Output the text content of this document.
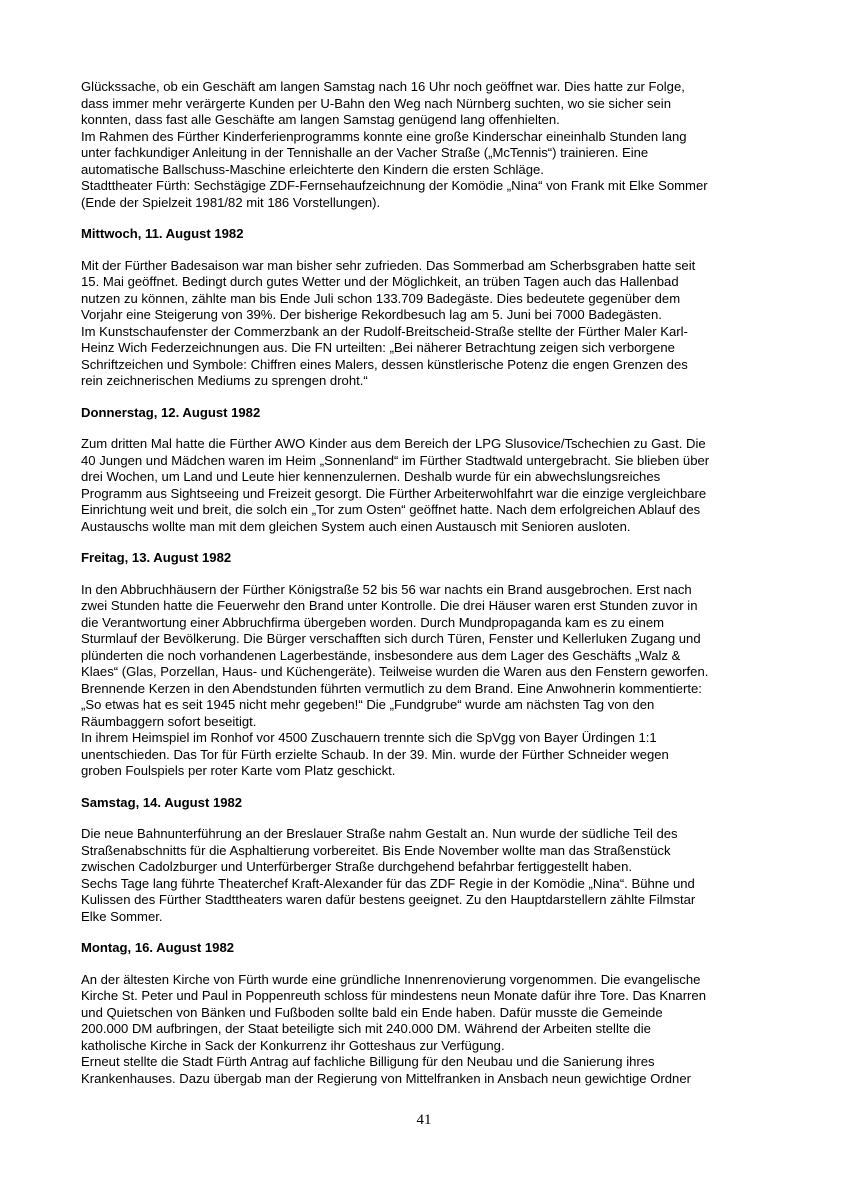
Glückssache, ob ein Geschäft am langen Samstag nach 16 Uhr noch geöffnet war. Dies hatte zur Folge,

dass immer mehr verärgerte Kunden per U-Bahn den Weg nach Nürnberg suchten, wo sie sicher sein

konnten, dass fast alle Geschäfte am langen Samstag genügend lang offenhielten.

Im Rahmen des Fürther Kinderferienprogramms konnte eine große Kinderschar eineinhalb Stunden lang

unter fachkundiger Anleitung in der Tennishalle an der Vacher Straße („McTennis“) trainieren. Eine

automatische Ballschuss-Maschine erleichterte den Kindern die ersten Schläge.

Stadttheater Fürth: Sechstägige ZDF-Fernsehaufzeichnung der Komödie „Nina“ von Frank mit Elke Sommer

(Ende der Spielzeit 1981/82 mit 186 Vorstellungen).

Mittwoch, 11. August 1982

Mit der Fürther Badesaison war man bisher sehr zufrieden. Das Sommerbad am Scherbsgraben hatte seit

15. Mai geöffnet. Bedingt durch gutes Wetter und der Möglichkeit, an trüben Tagen auch das Hallenbad

nutzen zu können, zählte man bis Ende Juli schon 133.709 Badegäste. Dies bedeutete gegenüber dem

Vorjahr eine Steigerung von 39%. Der bisherige Rekordbesuch lag am 5. Juni bei 7000 Badegästen.

Im Kunstschaufenster der Commerzbank an der Rudolf-Breitscheid-Straße stellte der Fürther Maler Karl-

Heinz Wich Federzeichnungen aus. Die FN urteilten: „Bei näherer Betrachtung zeigen sich verborgene

Schriftzeichen und Symbole: Chiffren eines Malers, dessen künstlerische Potenz die engen Grenzen des

rein zeichnerischen Mediums zu sprengen droht.“

Donnerstag, 12. August 1982

Zum dritten Mal hatte die Fürther AWO Kinder aus dem Bereich der LPG Slusovice/Tschechien zu Gast. Die

40 Jungen und Mädchen waren im Heim „Sonnenland“ im Fürther Stadtwald untergebracht. Sie blieben über

drei Wochen, um Land und Leute hier kennenzulernen. Deshalb wurde für ein abwechslungsreiches

Programm aus Sightseeing und Freizeit gesorgt. Die Fürther Arbeiterwohlfahrt war die einzige vergleichbare

Einrichtung weit und breit, die solch ein „Tor zum Osten“ geöffnet hatte. Nach dem erfolgreichen Ablauf des

Austauschs wollte man mit dem gleichen System auch einen Austausch mit Senioren ausloten.

Freitag, 13. August 1982

In den Abbruchhäusern der Fürther Königstraße 52 bis 56 war nachts ein Brand ausgebrochen. Erst nach

zwei Stunden hatte die Feuerwehr den Brand unter Kontrolle. Die drei Häuser waren erst Stunden zuvor in

die Verantwortung einer Abbruchfirma übergeben worden. Durch Mundpropaganda kam es zu einem

Sturmlauf der Bevölkerung. Die Bürger verschafften sich durch Türen, Fenster und Kellerluken Zugang und

plünderten die noch vorhandenen Lagerbestände, insbesondere aus dem Lager des Geschäfts „Walz &

Klaes“ (Glas, Porzellan, Haus- und Küchengeräte). Teilweise wurden die Waren aus den Fenstern geworfen.

Brennende Kerzen in den Abendstunden führten vermutlich zu dem Brand. Eine Anwohnerin kommentierte:

„So etwas hat es seit 1945 nicht mehr gegeben!“ Die „Fundgrube“ wurde am nächsten Tag von den

Räumbaggern sofort beseitigt.

In ihrem Heimspiel im Ronhof vor 4500 Zuschauern trennte sich die SpVgg von Bayer Ürdingen 1:1

unentschieden. Das Tor für Fürth erzielte Schaub. In der 39. Min. wurde der Fürther Schneider wegen

groben Foulspiels per roter Karte vom Platz geschickt.

Samstag, 14. August 1982

Die neue Bahnunterführung an der Breslauer Straße nahm Gestalt an. Nun wurde der südliche Teil des

Straßenabschnitts für die Asphaltierung vorbereitet. Bis Ende November wollte man das Straßenstück

zwischen Cadolzburger und Unterfürberger Straße durchgehend befahrbar fertiggestellt haben.

Sechs Tage lang führte Theaterchef Kraft-Alexander für das ZDF Regie in der Komödie „Nina“. Bühne und

Kulissen des Fürther Stadttheaters waren dafür bestens geeignet. Zu den Hauptdarstellern zählte Filmstar

Elke Sommer.

Montag, 16. August 1982

An der ältesten Kirche von Fürth wurde eine gründliche Innenrenovierung vorgenommen. Die evangelische

Kirche St. Peter und Paul in Poppenreuth schloss für mindestens neun Monate dafür ihre Tore. Das Knarren

und Quietschen von Bänken und Fußboden sollte bald ein Ende haben. Dafür musste die Gemeinde

200.000 DM aufbringen, der Staat beteiligte sich mit 240.000 DM. Während der Arbeiten stellte die

katholische Kirche in Sack der Konkurrenz ihr Gotteshaus zur Verfügung.

Erneut stellte die Stadt Fürth Antrag auf fachliche Billigung für den Neubau und die Sanierung ihres

Krankenhauses. Dazu übergab man der Regierung von Mittelfranken in Ansbach neun gewichtige Ordner

41
